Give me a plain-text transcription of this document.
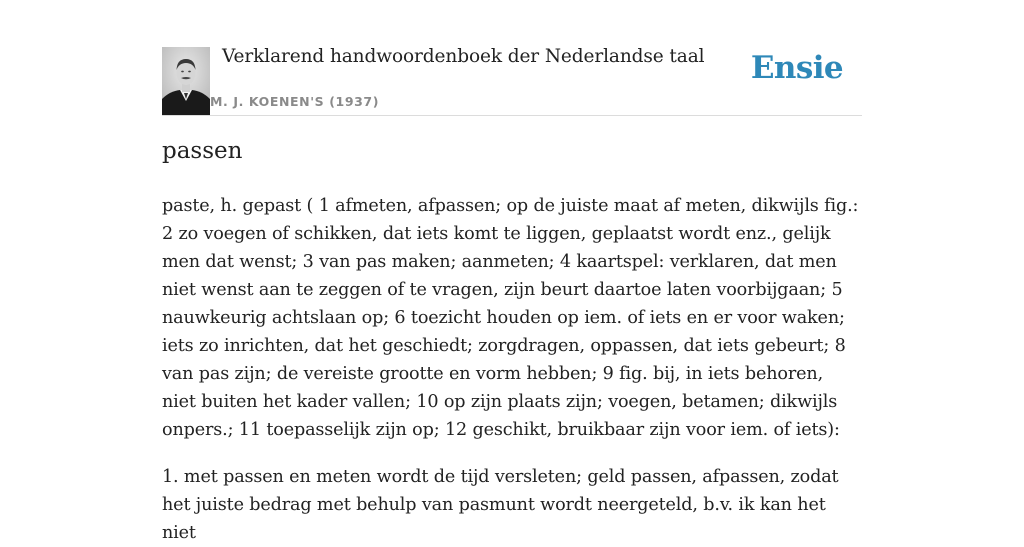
Verklarend handwoordenboek der Nederlandse taal
M. J. KOENEN'S (1937)
Ensie
passen

paste, h. gepast ( 1 afmeten, afpassen; op de juiste maat af meten, dikwijls fig.: 2 zo voegen of schikken, dat iets komt te liggen, geplaatst wordt enz., gelijk men dat wenst; 3 van pas maken; aanmeten; 4 kaartspel: verklaren, dat men niet wenst aan te zeggen of te vragen, zijn beurt daartoe laten voorbijgaan; 5 nauwkeurig achtslaan op; 6 toezicht houden op iem. of iets en er voor waken; iets zo inrichten, dat het geschiedt; zorgdragen, oppassen, dat iets gebeurt; 8 van pas zijn; de vereiste grootte en vorm hebben; 9 fig. bij, in iets behoren, niet buiten het kader vallen; 10 op zijn plaats zijn; voegen, betamen; dikwijls onpers.; 11 toepasselijk zijn op; 12 geschikt, bruikbaar zijn voor iem. of iets):

1. met passen en meten wordt de tijd versleten; geld passen, afpassen, zodat het juiste bedrag met behulp van pasmunt wordt neergeteld, b.v. ik kan het niet
